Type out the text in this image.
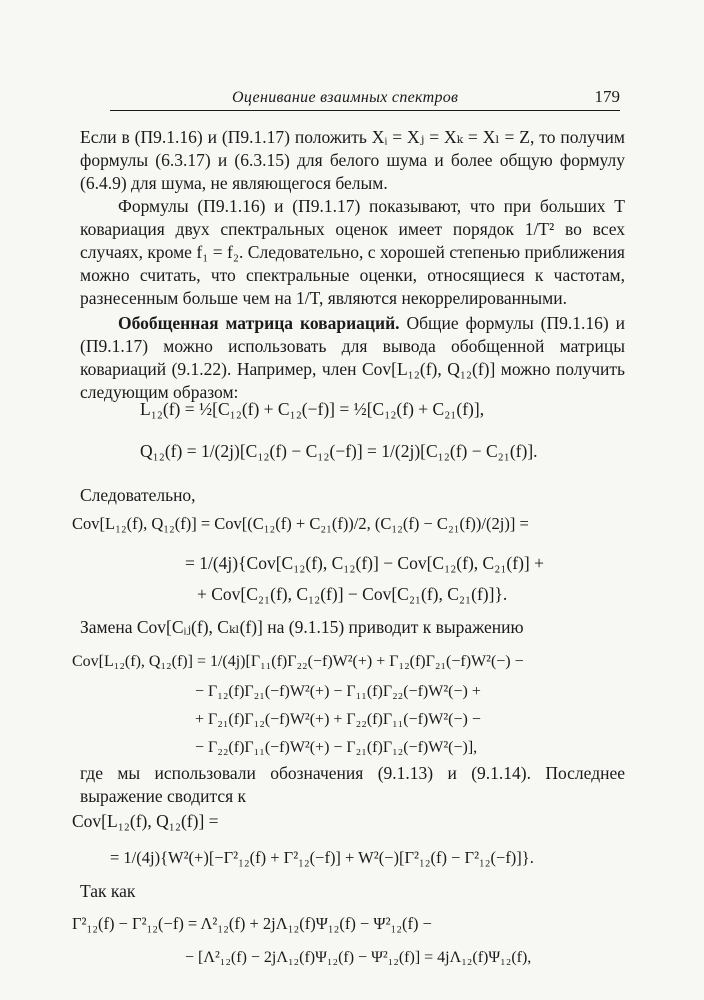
Оценивание взаимных спектров	179
Если в (П9.1.16) и (П9.1.17) положить Xᵢ = Xⱼ = Xₖ = Xₗ = Z, то получим формулы (6.3.17) и (6.3.15) для белого шума и более общую формулу (6.4.9) для шума, не являющегося белым.
Формулы (П9.1.16) и (П9.1.17) показывают, что при больших T ковариация двух спектральных оценок имеет порядок 1/T² во всех случаях, кроме f₁ = f₂. Следовательно, с хорошей степенью приближения можно считать, что спектральные оценки, относящиеся к частотам, разнесенным больше чем на 1/T, являются некоррелированными.
Обобщенная матрица ковариаций. Общие формулы (П9.1.16) и (П9.1.17) можно использовать для вывода обобщенной матрицы ковариаций (9.1.22). Например, член Cov[L₁₂(f), Q₁₂(f)] можно получить следующим образом:
L₁₂(f) = ½[C₁₂(f) + C₁₂(−f)] = ½[C₁₂(f) + C₂₁(f)],
Q₁₂(f) = 1/(2j)[C₁₂(f) − C₁₂(−f)] = 1/(2j)[C₁₂(f) − C₂₁(f)].
Следовательно,
Cov[L₁₂(f), Q₁₂(f)] = Cov[(C₁₂(f) + C₂₁(f))/2, (C₁₂(f) − C₂₁(f))/(2j)] =
= 1/(4j){Cov[C₁₂(f), C₁₂(f)] − Cov[C₁₂(f), C₂₁(f)] +
+ Cov[C₂₁(f), C₁₂(f)] − Cov[C₂₁(f), C₂₁(f)]}.
Замена Cov[Cᵢⱼ(f), Cₖₗ(f)] на (9.1.15) приводит к выражению
Cov[L₁₂(f), Q₁₂(f)] = 1/(4j)[Γ₁₁(f)Γ₂₂(−f)W²(+) + Γ₁₂(f)Γ₂₁(−f)W²(−) −
− Γ₁₂(f)Γ₂₁(−f)W²(+) − Γ₁₁(f)Γ₂₂(−f)W²(−) +
+ Γ₂₁(f)Γ₁₂(−f)W²(+) + Γ₂₂(f)Γ₁₁(−f)W²(−) −
− Γ₂₂(f)Γ₁₁(−f)W²(+) − Γ₂₁(f)Γ₁₂(−f)W²(−)],
где мы использовали обозначения (9.1.13) и (9.1.14). Последнее выражение сводится к
Cov[L₁₂(f), Q₁₂(f)] =
= 1/(4j){W²(+)[−Γ²₁₂(f) + Γ²₁₂(−f)] + W²(−)[Γ²₁₂(f) − Γ²₁₂(−f)]}.
Так как
Γ²₁₂(f) − Γ²₁₂(−f) = Λ²₁₂(f) + 2jΛ₁₂(f)Ψ₁₂(f) − Ψ²₁₂(f) −
− [Λ²₁₂(f) − 2jΛ₁₂(f)Ψ₁₂(f) − Ψ²₁₂(f)] = 4jΛ₁₂(f)Ψ₁₂(f),
